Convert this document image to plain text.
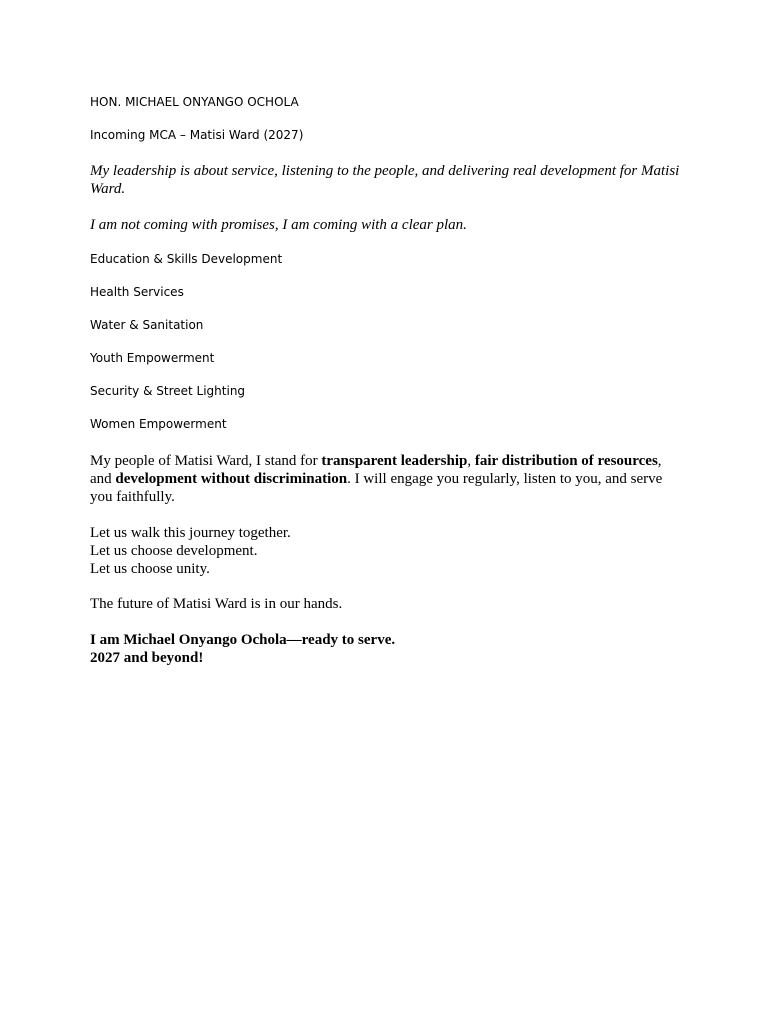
HON. MICHAEL ONYANGO OCHOLA

Incoming MCA – Matisi Ward (2027)

My leadership is about service, listening to the people, and delivering real development for Matisi Ward.

I am not coming with promises, I am coming with a clear plan.

Education & Skills Development

Health Services

Water & Sanitation

Youth Empowerment

Security & Street Lighting

Women Empowerment

My people of Matisi Ward, I stand for transparent leadership, fair distribution of resources, and development without discrimination. I will engage you regularly, listen to you, and serve you faithfully.

Let us walk this journey together.
Let us choose development.
Let us choose unity.

The future of Matisi Ward is in our hands.

I am Michael Onyango Ochola—ready to serve.
2027 and beyond!
